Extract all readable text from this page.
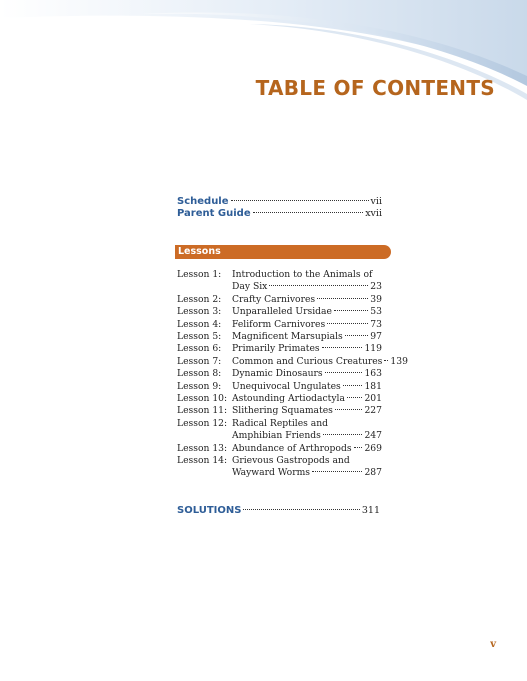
TABLE OF CONTENTS
Schedule	vii
Parent Guide	xvii
Lessons
Lesson 1: Introduction to the Animals of
Day Six	23
Lesson 2: Crafty Carnivores	39
Lesson 3: Unparalleled Ursidae	53
Lesson 4: Feliform Carnivores	73
Lesson 5: Magnificent Marsupials	97
Lesson 6: Primarily Primates	119
Lesson 7: Common and Curious Creatures 139
Lesson 8: Dynamic Dinosaurs	163
Lesson 9: Unequivocal Ungulates	181
Lesson 10: Astounding Artiodactyla 201
Lesson 11: Slithering Squamates	227
Lesson 12: Radical Reptiles and
Amphibian Friends	247
Lesson 13: Abundance of Arthropods 269
Lesson 14: Grievous Gastropods and
Wayward Worms	287
SOLUTIONS	311
v
